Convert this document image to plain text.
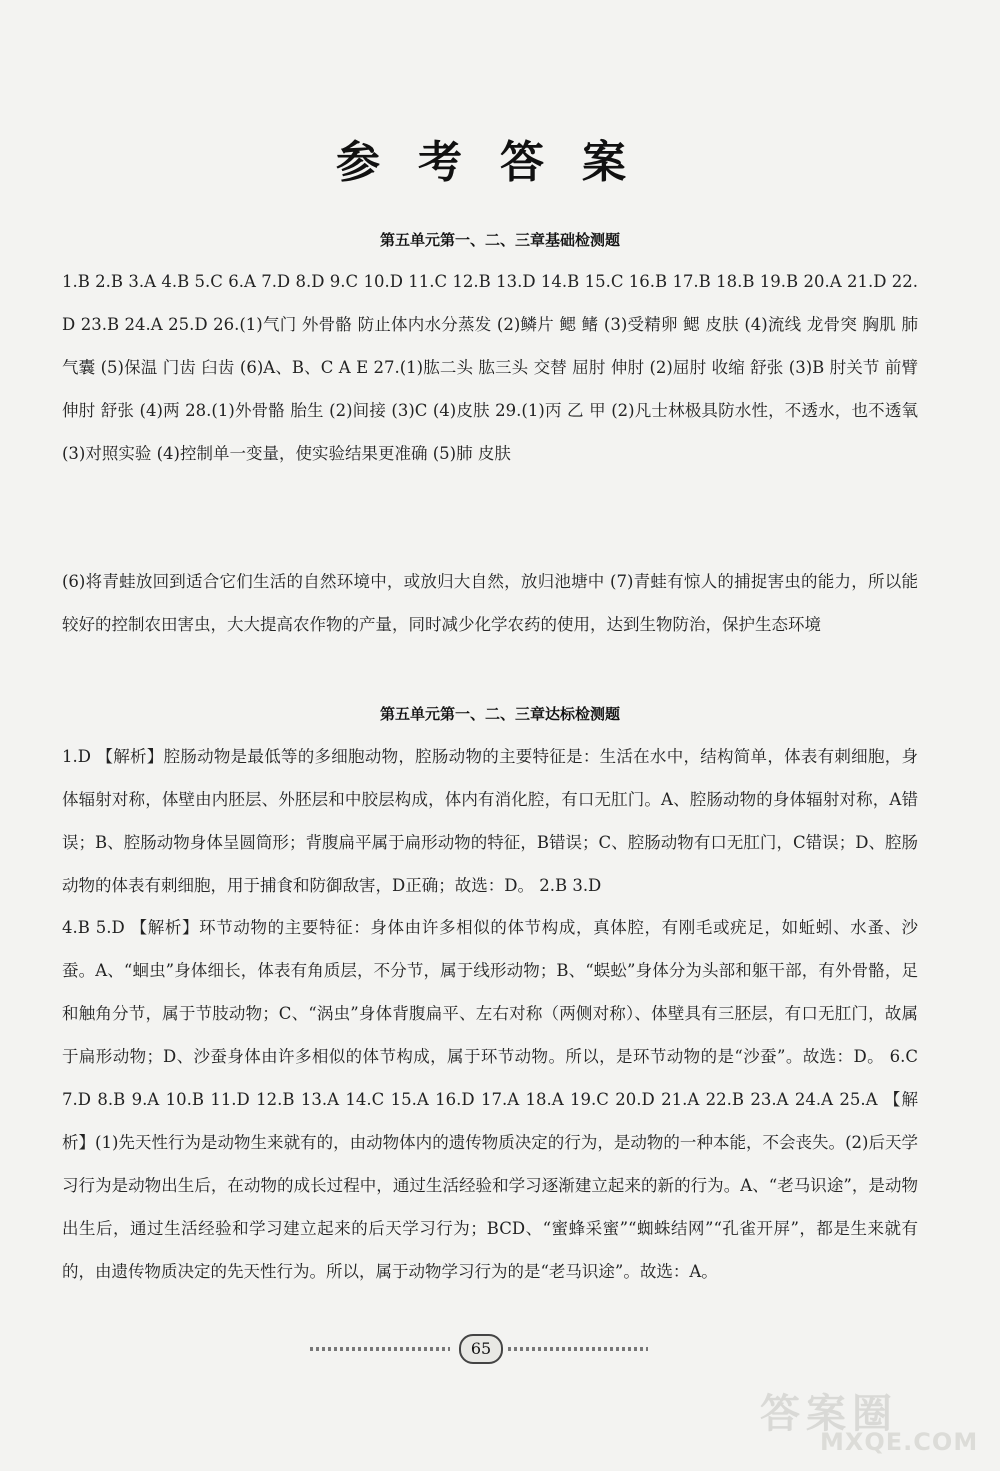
参考答案
第五单元第一、二、三章基础检测题
1.B 2.B 3.A 4.B 5.C 6.A 7.D 8.D 9.C 10.D 11.C 12.B 13.D 14.B 15.C 16.B 17.B 18.B 19.B 20.A 21.D 22.D 23.B 24.A 25.D 26.(1)气门 外骨骼 防止体内水分蒸发 (2)鳞片 鳃 鳍 (3)受精卵 鳃 皮肤 (4)流线 龙骨突 胸肌 肺 气囊 (5)保温 门齿 臼齿 (6)A、B、C A E 27.(1)肱二头 肱三头 交替 屈肘 伸肘 (2)屈肘 收缩 舒张 (3)B 肘关节 前臂 伸肘 舒张 (4)两 28.(1)外骨骼 胎生 (2)间接 (3)C (4)皮肤 29.(1)丙 乙 甲 (2)凡士林极具防水性，不透水，也不透氧 (3)对照实验 (4)控制单一变量，使实验结果更准确 (5)肺 皮肤
(6)将青蛙放回到适合它们生活的自然环境中，或放归大自然，放归池塘中 (7)青蛙有惊人的捕捉害虫的能力，所以能较好的控制农田害虫，大大提高农作物的产量，同时减少化学农药的使用，达到生物防治，保护生态环境
第五单元第一、二、三章达标检测题
1.D 【解析】腔肠动物是最低等的多细胞动物，腔肠动物的主要特征是：生活在水中，结构简单，体表有刺细胞，身体辐射对称，体壁由内胚层、外胚层和中胶层构成，体内有消化腔，有口无肛门。A、腔肠动物的身体辐射对称，A错误；B、腔肠动物身体呈圆筒形；背腹扁平属于扁形动物的特征，B错误；C、腔肠动物有口无肛门，C错误；D、腔肠动物的体表有刺细胞，用于捕食和防御敌害，D正确；故选：D。 2.B 3.D
4.B 5.D 【解析】环节动物的主要特征：身体由许多相似的体节构成，真体腔，有刚毛或疣足，如蚯蚓、水蚤、沙蚕。A、“蛔虫”身体细长，体表有角质层，不分节，属于线形动物；B、“蜈蚣”身体分为头部和躯干部，有外骨骼，足和触角分节，属于节肢动物；C、“涡虫”身体背腹扁平、左右对称（两侧对称）、体壁具有三胚层，有口无肛门，故属于扁形动物；D、沙蚕身体由许多相似的体节构成，属于环节动物。所以，是环节动物的是“沙蚕”。故选：D。 6.C 7.D 8.B 9.A 10.B 11.D 12.B 13.A 14.C 15.A 16.D 17.A 18.A 19.C 20.D 21.A 22.B 23.A 24.A 25.A 【解析】(1)先天性行为是动物生来就有的，由动物体内的遗传物质决定的行为，是动物的一种本能，不会丧失。(2)后天学习行为是动物出生后，在动物的成长过程中，通过生活经验和学习逐渐建立起来的新的行为。A、“老马识途”，是动物出生后，通过生活经验和学习建立起来的后天学习行为；BCD、“蜜蜂采蜜”“蜘蛛结网”“孔雀开屏”，都是生来就有的，由遗传物质决定的先天性行为。所以，属于动物学习行为的是“老马识途”。故选：A。
65
答案圈
MXQE.COM
